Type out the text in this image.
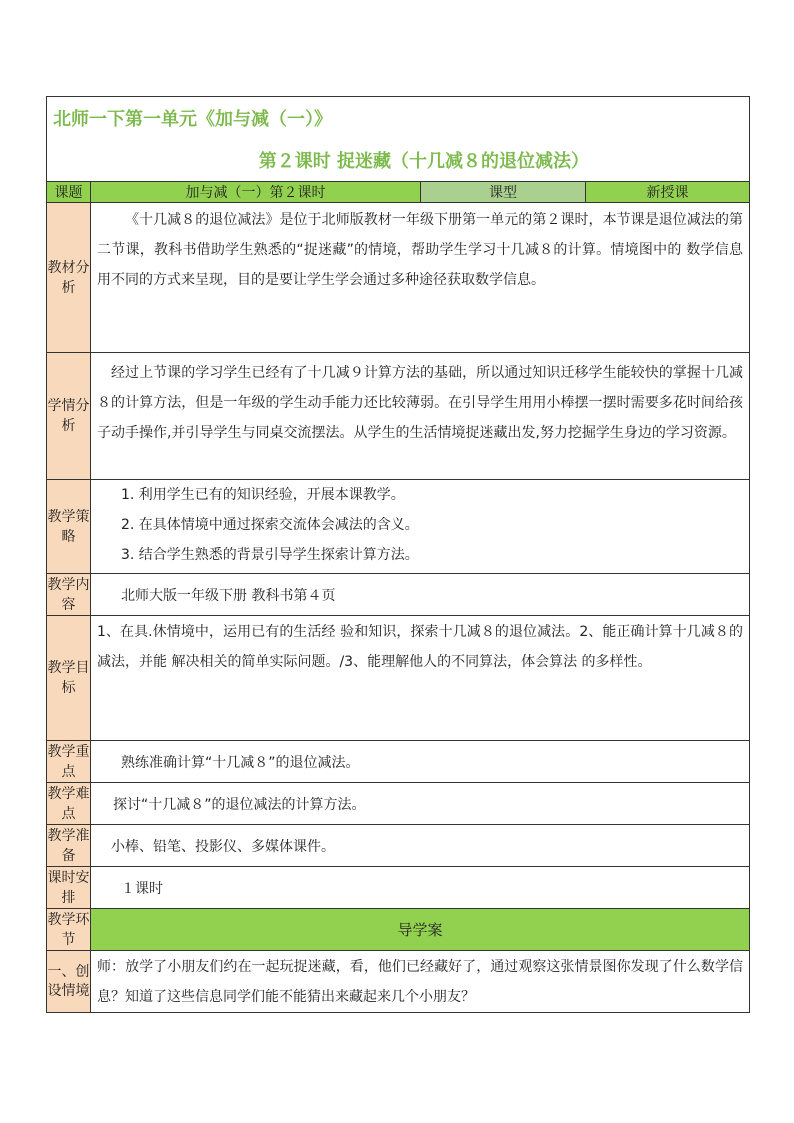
北师一下第一单元《加与减（一）》			
第２课时 捉迷藏（十几减８的退位减法）			
课题	加与减（一）第２课时	课型	新授课
教材分析	《十几减８的退位减法》是位于北师版教材一年级下册第一单元的第２课时，本节课是退位减法的第二节课，教科书借助学生熟悉的“捉迷藏”的情境，帮助学生学习十几减８的计算。情境图中的 数学信息用不同的方式来呈现，目的是要让学生学会通过多种途径获取数学信息。		
学情分析	经过上节课的学习学生已经有了十几减９计算方法的基础，所以通过知识迁移学生能较快的掌握十几减８的计算方法，但是一年级的学生动手能力还比较薄弱。在引导学生用用小棒摆一摆时需要多花时间给孩子动手操作,并引导学生与同桌交流摆法。从学生的生活情境捉迷藏出发,努力挖掘学生身边的学习资源。		
教学策略	1. 利用学生已有的知识经验，开展本课教学。
2. 在具体情境中通过探索交流体会减法的含义。
3. 结合学生熟悉的背景引导学生探索计算方法。		

教学内容	北师大版一年级下册 教科书第４页		
教学目标	1、在具.休情境中，运用已有的生活经 验和知识，探索十几减８的退位减法。2、能正确计算十几减８的减法，并能 解决相关的简单实际问题。/3、能理解他人的不同算法，体会算法 的多样性。		
教学重点	熟练准确计算“十几减８”的退位减法。		
教学难点	探讨“十几减８”的退位减法的计算方法。		
教学准备	小棒、铅笔、投影仪、多媒体课件。		
课时安排	１课时		
教学环节	导学案		
一、创设情境	师：放学了小朋友们约在一起玩捉迷藏，看，他们已经藏好了，通过观察这张情景图你发现了什么数学信息？知道了这些信息同学们能不能猜出来藏起来几个小朋友？		
